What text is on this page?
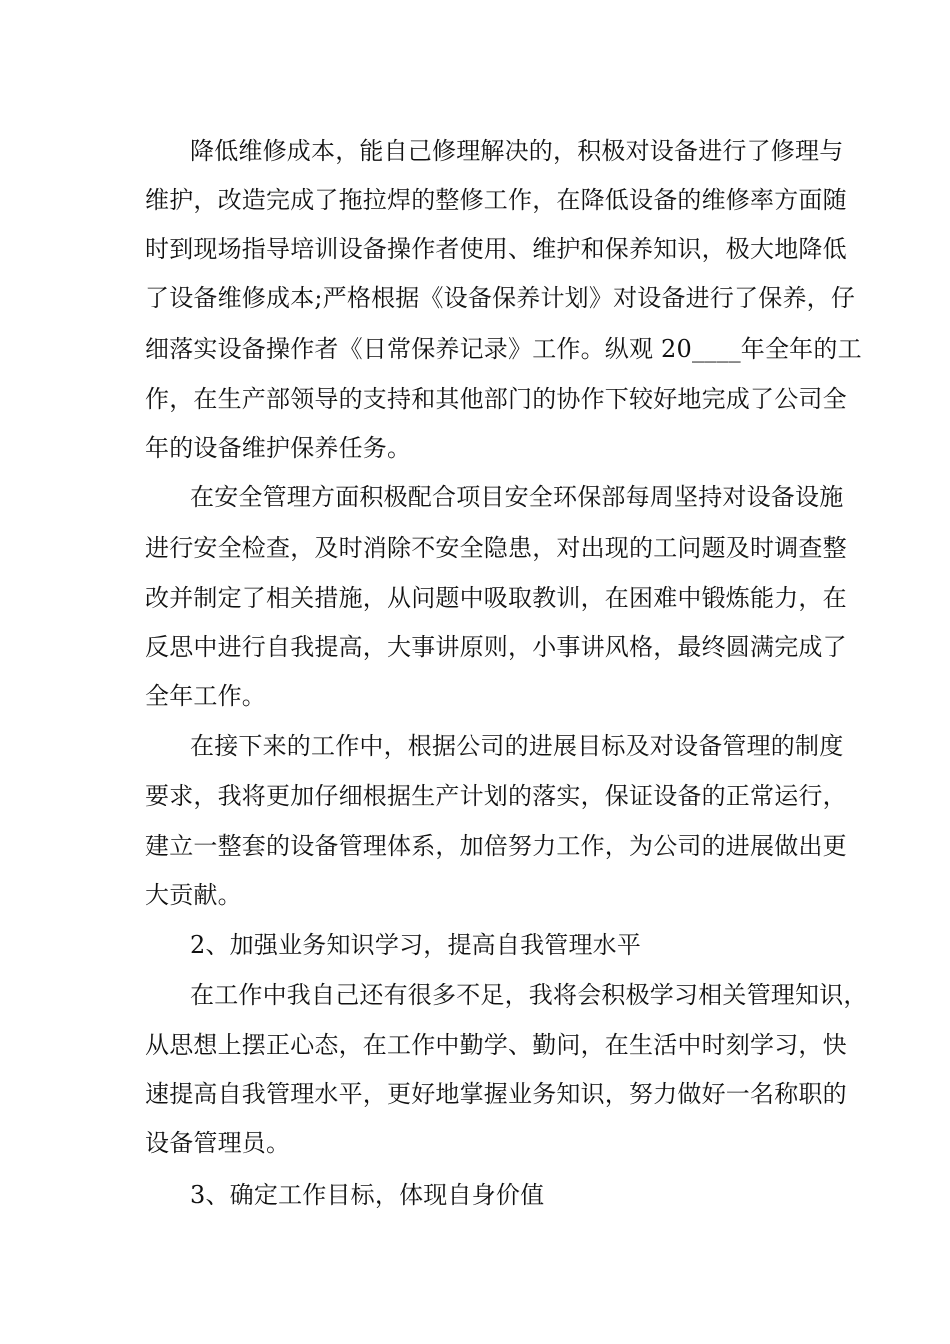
降低维修成本，能自己修理解决的，积极对设备进行了修理与

维护，改造完成了拖拉焊的整修工作，在降低设备的维修率方面随

时到现场指导培训设备操作者使用、维护和保养知识，极大地降低

了设备维修成本;严格根据《设备保养计划》对设备进行了保养，仔

细落实设备操作者《日常保养记录》工作。纵观 20____年全年的工

作，在生产部领导的支持和其他部门的协作下较好地完成了公司全

年的设备维护保养任务。

在安全管理方面积极配合项目安全环保部每周坚持对设备设施

进行安全检查，及时消除不安全隐患，对出现的工问题及时调查整

改并制定了相关措施，从问题中吸取教训，在困难中锻炼能力，在

反思中进行自我提高，大事讲原则，小事讲风格，最终圆满完成了

全年工作。

在接下来的工作中，根据公司的进展目标及对设备管理的制度

要求，我将更加仔细根据生产计划的落实，保证设备的正常运行，

建立一整套的设备管理体系，加倍努力工作，为公司的进展做出更

大贡献。

2、加强业务知识学习，提高自我管理水平

在工作中我自己还有很多不足，我将会积极学习相关管理知识，

从思想上摆正心态，在工作中勤学、勤问，在生活中时刻学习，快

速提高自我管理水平，更好地掌握业务知识，努力做好一名称职的

设备管理员。

3、确定工作目标，体现自身价值
